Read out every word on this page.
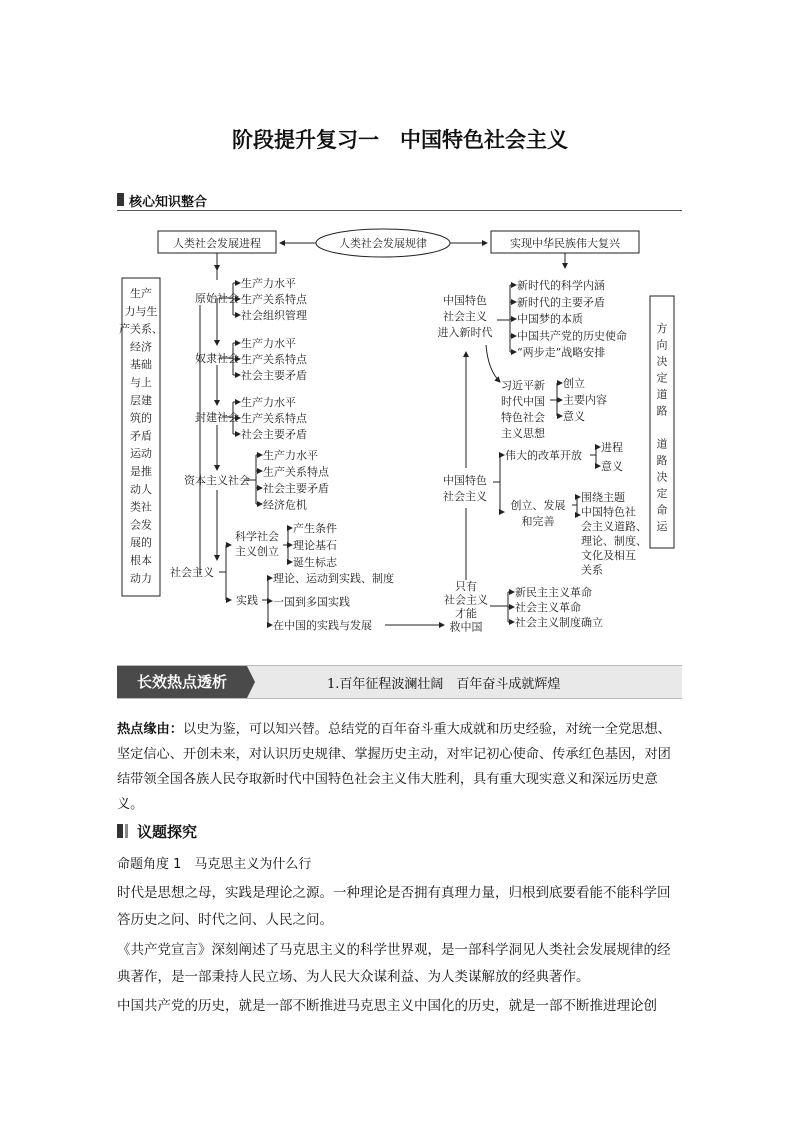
阶段提升复习一　中国特色社会主义
核心知识整合
人类社会发展进程	人类社会发展规律	实现中华民族伟大复兴
生产
力与生
产关系、
经济
基础
与上
层建
筑的
矛盾
运动
是推
动人
类社
会发
展的
根本
动力
方
向
决
定
道
路
道
路
决
定
命
运
原始社会
生产力水平
生产关系特点
社会组织管理
奴隶社会
生产力水平
生产关系特点
社会主要矛盾
封建社会
生产力水平
生产关系特点
社会主要矛盾
资本主义社会
生产力水平
生产关系特点
社会主要矛盾
经济危机
社会主义
科学社会
主义创立
产生条件
理论基石
诞生标志
实践
理论、运动到实践、制度
一国到多国实践
在中国的实践与发展
中国特色
社会主义
进入新时代
新时代的科学内涵
新时代的主要矛盾
中国梦的本质
中国共产党的历史使命
“两步走”战略安排
习近平新
时代中国
特色社会
主义思想
创立
主要内容
意义
中国特色
社会主义
伟大的改革开放
进程
意义
创立、发展
和完善
围绕主题
中国特色社
会主义道路、
理论、制度、
文化及相互
关系
只有
社会主义
才能
救中国
新民主主义革命
社会主义革命
社会主义制度确立
长效热点透析	1.百年征程波澜壮阔　百年奋斗成就辉煌
热点缘由：以史为鉴，可以知兴替。总结党的百年奋斗重大成就和历史经验，对统一全党思想、坚定信心、开创未来，对认识历史规律、掌握历史主动，对牢记初心使命、传承红色基因，对团结带领全国各族人民夺取新时代中国特色社会主义伟大胜利，具有重大现实意义和深远历史意义。
议题探究
命题角度 1　马克思主义为什么行
时代是思想之母，实践是理论之源。一种理论是否拥有真理力量，归根到底要看能不能科学回答历史之问、时代之问、人民之问。
《共产党宣言》深刻阐述了马克思主义的科学世界观，是一部科学洞见人类社会发展规律的经典著作，是一部秉持人民立场、为人民大众谋利益、为人类谋解放的经典著作。
中国共产党的历史，就是一部不断推进马克思主义中国化的历史，就是一部不断推进理论创
